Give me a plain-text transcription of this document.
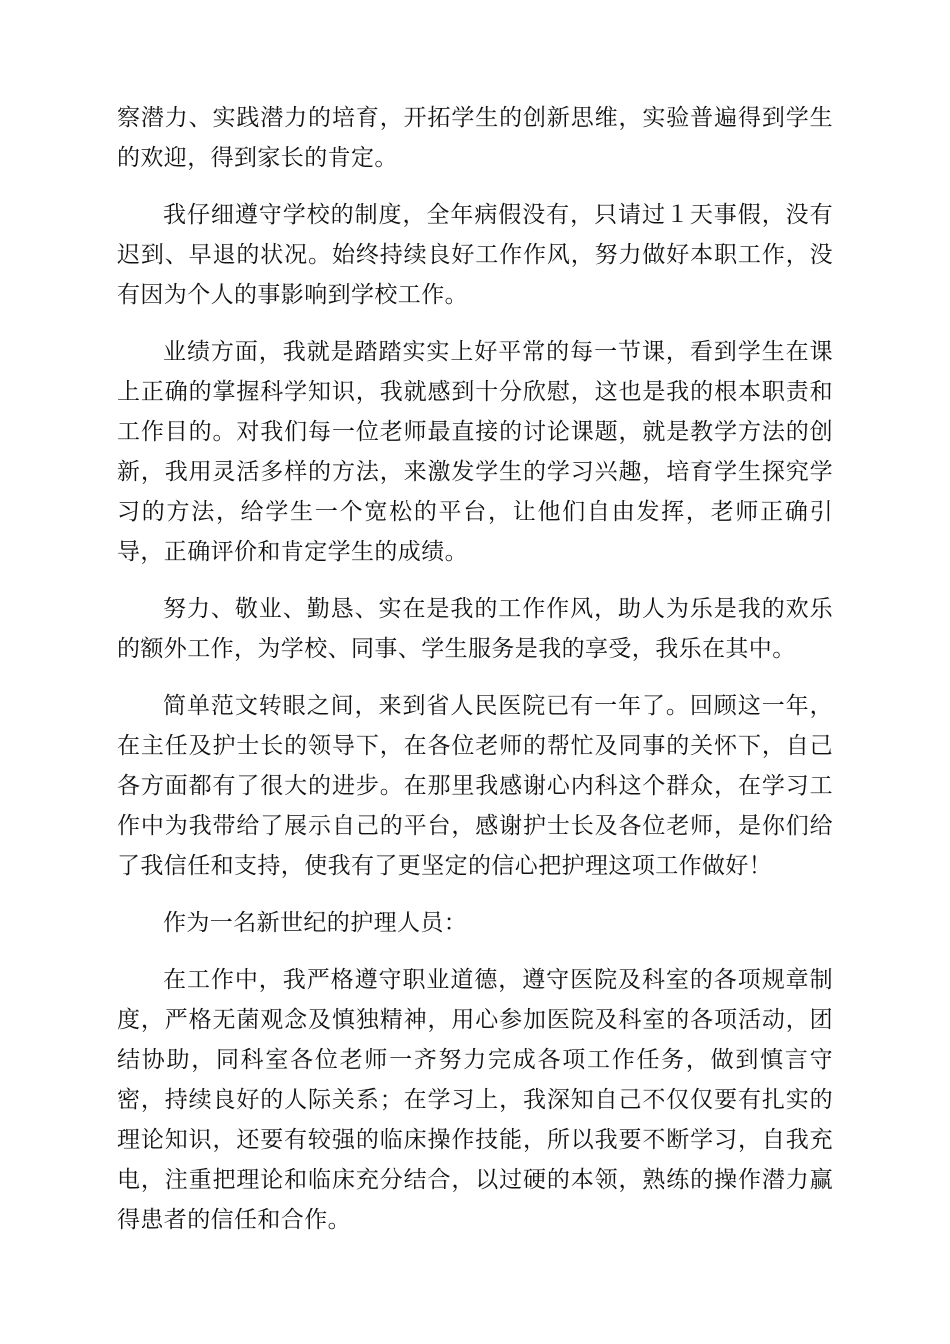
察潜力、实践潜力的培育，开拓学生的创新思维，实验普遍得到学生的欢迎，得到家长的肯定。

我仔细遵守学校的制度，全年病假没有，只请过１天事假，没有迟到、早退的状况。始终持续良好工作作风，努力做好本职工作，没有因为个人的事影响到学校工作。

业绩方面，我就是踏踏实实上好平常的每一节课，看到学生在课上正确的掌握科学知识，我就感到十分欣慰，这也是我的根本职责和工作目的。对我们每一位老师最直接的讨论课题，就是教学方法的创新，我用灵活多样的方法，来激发学生的学习兴趣，培育学生探究学习的方法，给学生一个宽松的平台，让他们自由发挥，老师正确引导，正确评价和肯定学生的成绩。

努力、敬业、勤恳、实在是我的工作作风，助人为乐是我的欢乐的额外工作，为学校、同事、学生服务是我的享受，我乐在其中。

简单范文转眼之间，来到省人民医院已有一年了。回顾这一年，在主任及护士长的领导下，在各位老师的帮忙及同事的关怀下，自己各方面都有了很大的进步。在那里我感谢心内科这个群众，在学习工作中为我带给了展示自己的平台，感谢护士长及各位老师，是你们给了我信任和支持，使我有了更坚定的信心把护理这项工作做好！

作为一名新世纪的护理人员：

在工作中，我严格遵守职业道德，遵守医院及科室的各项规章制度，严格无菌观念及慎独精神，用心参加医院及科室的各项活动，团结协助，同科室各位老师一齐努力完成各项工作任务，做到慎言守密，持续良好的人际关系；在学习上，我深知自己不仅仅要有扎实的理论知识，还要有较强的临床操作技能，所以我要不断学习，自我充电，注重把理论和临床充分结合，以过硬的本领，熟练的操作潜力赢得患者的信任和合作。
